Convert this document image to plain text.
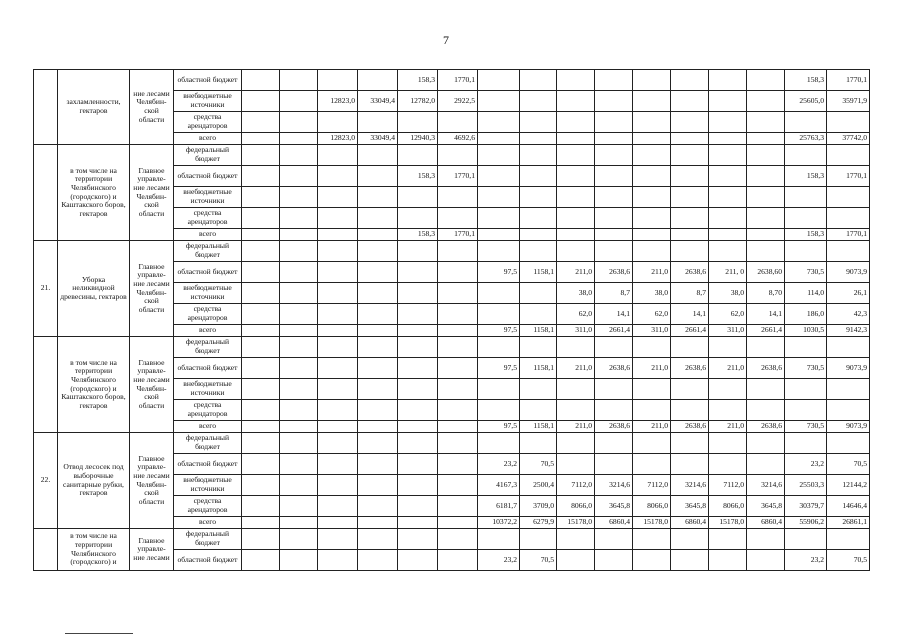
7
	захламленности, гектаров	ние лесами Челябин-ской области	областной бюджет					158,3	1770,1									158,3	1770,1
			внебюджетные источники			12823,0	33049,4	12782,0	2922,5									25605,0	35971,9
			средства арендаторов																
			всего			12823,0	33049,4	12940,3	4692,6									25763,3	37742,0
	в том числе на территории Челябинского (городского) и Каштакского боров, гектаров	Главное управле-ние лесами Челябин-ской области	федеральный бюджет																
			областной бюджет					158,3	1770,1									158,3	1770,1
			внебюджетные источники																
			средства арендаторов																
			всего					158,3	1770,1									158,3	1770,1
21.	Уборка неликвидной древесины, гектаров	Главное управле-ние лесами Челябин-ской области	федеральный бюджет																
			областной бюджет							97,5	1158,1	211,0	2638,6	211,0	2638,6	211, 0	2638,60	730,5	9073,9
			внебюджетные источники									38,0	8,7	38,0	8,7	38,0	8,70	114,0	26,1
			средства арендаторов									62,0	14,1	62,0	14,1	62,0	14,1	186,0	42,3
			всего							97,5	1158,1	311,0	2661,4	311,0	2661,4	311,0	2661,4	1030,5	9142,3
	в том числе на территории Челябинского (городского) и Каштакского боров, гектаров	Главное управле-ние лесами Челябин-ской области	федеральный бюджет																
			областной бюджет							97,5	1158,1	211,0	2638,6	211,0	2638,6	211,0	2638,6	730,5	9073,9
			внебюджетные источники																
			средства арендаторов																
			всего							97,5	1158,1	211,0	2638,6	211,0	2638,6	211,0	2638,6	730,5	9073,9
22.	Отвод лесосек под выборочные санитарные рубки, гектаров	Главное управле-ние лесами Челябин-ской области	федеральный бюджет																
			областной бюджет							23,2	70,5							23,2	70,5
			внебюджетные источники							4167,3	2500,4	7112,0	3214,6	7112,0	3214,6	7112,0	3214,6	25503,3	12144,2
			средства арендаторов							6181,7	3709,0	8066,0	3645,8	8066,0	3645,8	8066,0	3645,8	30379,7	14646,4
			всего							10372,2	6279,9	15178,0	6860,4	15178,0	6860,4	15178,0	6860,4	55906,2	26861,1
	в том числе на территории Челябинского (городского) и	Главное управле-ние лесами	федеральный бюджет																
			областной бюджет							23,2	70,5							23,2	70,5
